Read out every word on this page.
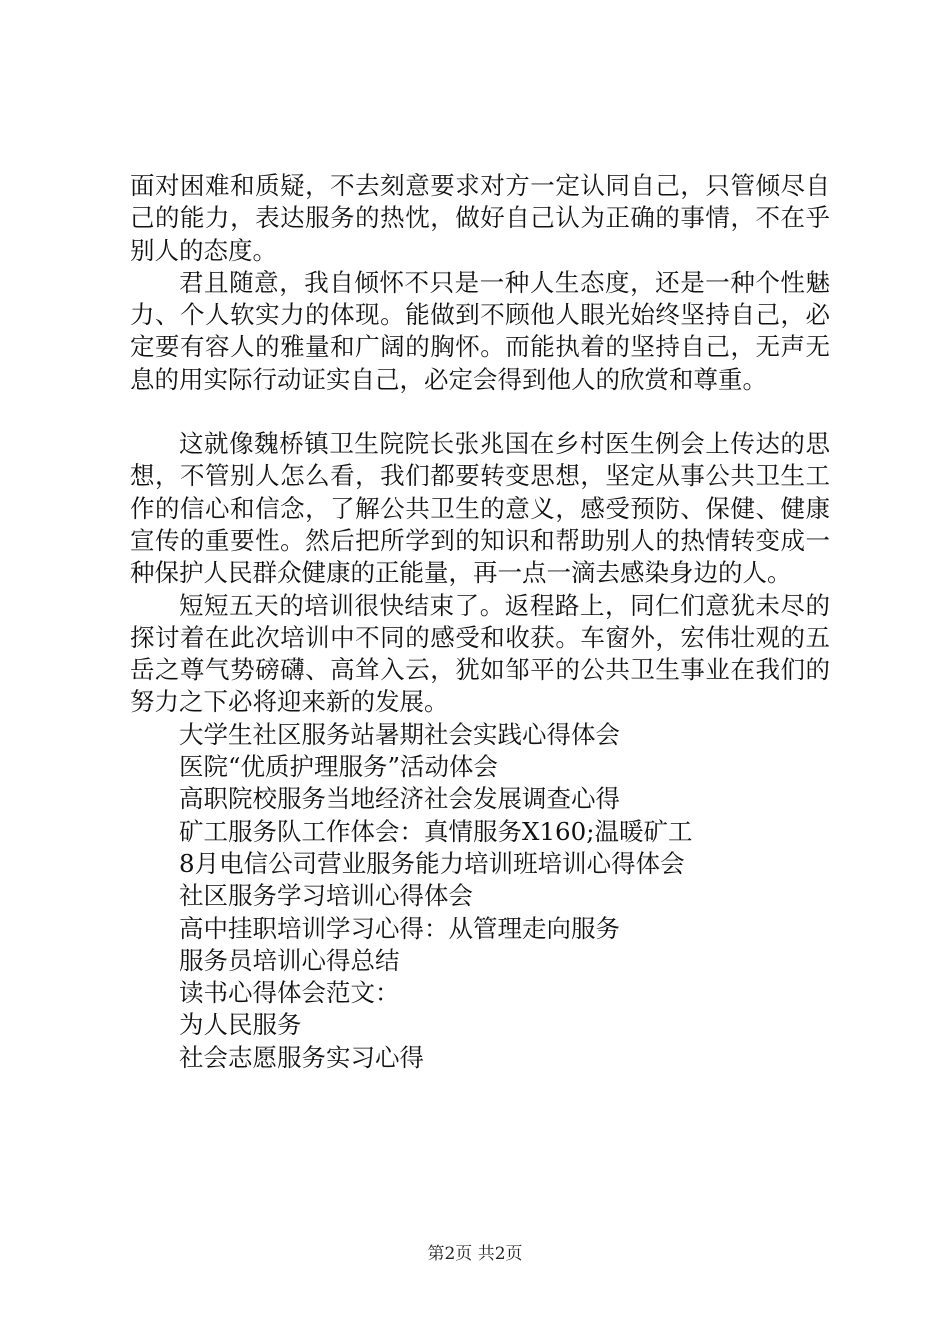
面对困难和质疑，不去刻意要求对方一定认同自己，只管倾尽自己的能力，表达服务的热忱，做好自己认为正确的事情，不在乎别人的态度。

君且随意，我自倾怀不只是一种人生态度，还是一种个性魅力、个人软实力的体现。能做到不顾他人眼光始终坚持自己，必定要有容人的雅量和广阔的胸怀。而能执着的坚持自己，无声无息的用实际行动证实自己，必定会得到他人的欣赏和尊重。

这就像魏桥镇卫生院院长张兆国在乡村医生例会上传达的思想，不管别人怎么看，我们都要转变思想，坚定从事公共卫生工作的信心和信念，了解公共卫生的意义，感受预防、保健、健康宣传的重要性。然后把所学到的知识和帮助别人的热情转变成一种保护人民群众健康的正能量，再一点一滴去感染身边的人。

短短五天的培训很快结束了。返程路上，同仁们意犹未尽的探讨着在此次培训中不同的感受和收获。车窗外，宏伟壮观的五岳之尊气势磅礴、高耸入云，犹如邹平的公共卫生事业在我们的努力之下必将迎来新的发展。

大学生社区服务站暑期社会实践心得体会
医院“优质护理服务”活动体会
高职院校服务当地经济社会发展调查心得
矿工服务队工作体会：真情服务X160;温暖矿工
8月电信公司营业服务能力培训班培训心得体会
社区服务学习培训心得体会
高中挂职培训学习心得：从管理走向服务
服务员培训心得总结
读书心得体会范文：
为人民服务
社会志愿服务实习心得
第2页 共2页
